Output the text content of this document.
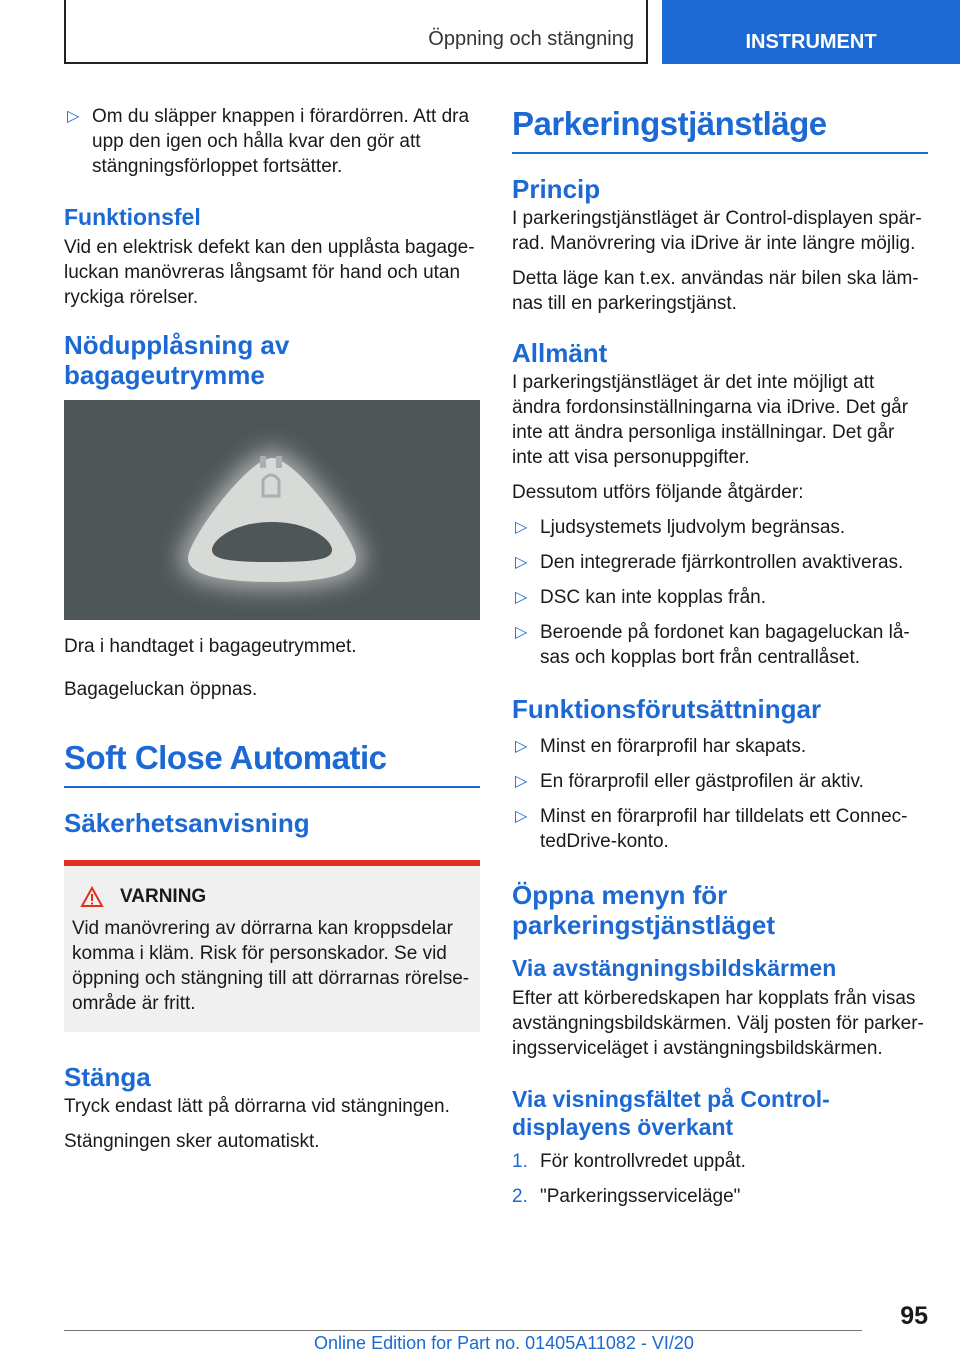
Öppning och stängning	INSTRUMENT
▷ Om du släpper knappen i förardörren. Att dra upp den igen och hålla kvar den gör att stängningsförloppet fortsätter.
Funktionsfel

Vid en elektrisk defekt kan den upplåsta bagage-luckan manövreras långsamt för hand och utan ryckiga rörelser.

Nödupplåsning av
bagageutrymme

Dra i handtaget i bagageutrymmet.

Bagageluckan öppnas.

Soft Close Automatic
Säkerhetsanvisning
VARNING

Vid manövrering av dörrarna kan kroppsdelar komma i kläm. Risk för personskador. Se vid öppning och stängning till att dörrarnas rörelse-område är fritt.

Stänga

Tryck endast lätt på dörrarna vid stängningen.

Stängningen sker automatiskt.

Parkeringstjänstläge
Princip

I parkeringstjänstläget är Control-displayen spär-rad. Manövrering via iDrive är inte längre möjlig.

Detta läge kan t.ex. användas när bilen ska läm-nas till en parkeringstjänst.

Allmänt

I parkeringstjänstläget är det inte möjligt att ändra fordonsinställningarna via iDrive. Det går inte att ändra personliga inställningar. Det går inte att visa personuppgifter.

Dessutom utförs följande åtgärder:

▷ Ljudsystemets ljudvolym begränsas.
▷ Den integrerade fjärrkontrollen avaktiveras.
▷ DSC kan inte kopplas från.
▷ Beroende på fordonet kan bagageluckan lå-sas och kopplas bort från centrallåset.
Funktionsförutsättningar
▷ Minst en förarprofil har skapats.
▷ En förarprofil eller gästprofilen är aktiv.
▷ Minst en förarprofil har tilldelats ett Connec-tedDrive-konto.
Öppna menyn för
parkeringstjänstläget
Via avstängningsbildskärmen

Efter att körberedskapen har kopplats från visas avstängningsbildskärmen. Välj posten för parker-ingsserviceläget i avstängningsbildskärmen.

Via visningsfältet på Control-
displayens överkant
1. För kontrollvredet uppåt.
2. "Parkeringsserviceläge"
95
Online Edition for Part no. 01405A11082 - VI/20
